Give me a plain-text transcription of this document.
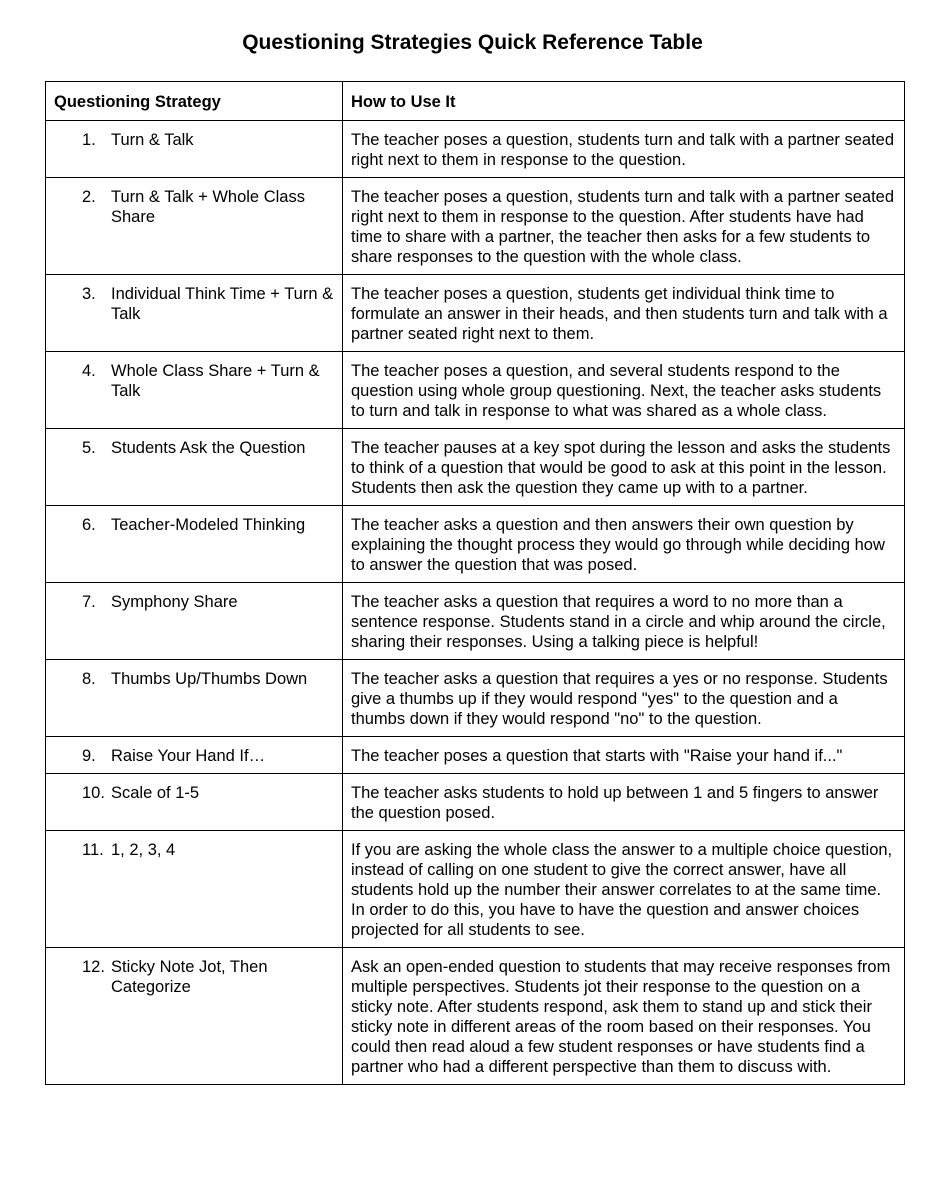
Questioning Strategies Quick Reference Table
Questioning Strategy	How to Use It

1. Turn & Talk	The teacher poses a question, students turn and talk with a partner seated right next to them in response to the question.

2. Turn & Talk + Whole Class Share	The teacher poses a question, students turn and talk with a partner seated right next to them in response to the question. After students have had time to share with a partner, the teacher then asks for a few students to share responses to the question with the whole class.

3. Individual Think Time + Turn & Talk	The teacher poses a question, students get individual think time to formulate an answer in their heads, and then students turn and talk with a partner seated right next to them.

4. Whole Class Share + Turn & Talk	The teacher poses a question, and several students respond to the question using whole group questioning. Next, the teacher asks students to turn and talk in response to what was shared as a whole class.

5. Students Ask the Question	The teacher pauses at a key spot during the lesson and asks the students to think of a question that would be good to ask at this point in the lesson. Students then ask the question they came up with to a partner.

6. Teacher-Modeled Thinking	The teacher asks a question and then answers their own question by explaining the thought process they would go through while deciding how to answer the question that was posed.

7. Symphony Share	The teacher asks a question that requires a word to no more than a sentence response. Students stand in a circle and whip around the circle, sharing their responses. Using a talking piece is helpful!

8. Thumbs Up/Thumbs Down	The teacher asks a question that requires a yes or no response. Students give a thumbs up if they would respond "yes" to the question and a thumbs down if they would respond "no" to the question.

9. Raise Your Hand If…	The teacher poses a question that starts with "Raise your hand if..."

10. Scale of 1-5	The teacher asks students to hold up between 1 and 5 fingers to answer the question posed.

11. 1, 2, 3, 4	If you are asking the whole class the answer to a multiple choice question, instead of calling on one student to give the correct answer, have all students hold up the number their answer correlates to at the same time. In order to do this, you have to have the question and answer choices projected for all students to see.

12. Sticky Note Jot, Then Categorize	Ask an open-ended question to students that may receive responses from multiple perspectives. Students jot their response to the question on a sticky note. After students respond, ask them to stand up and stick their sticky note in different areas of the room based on their responses. You could then read aloud a few student responses or have students find a partner who had a different perspective than them to discuss with.
